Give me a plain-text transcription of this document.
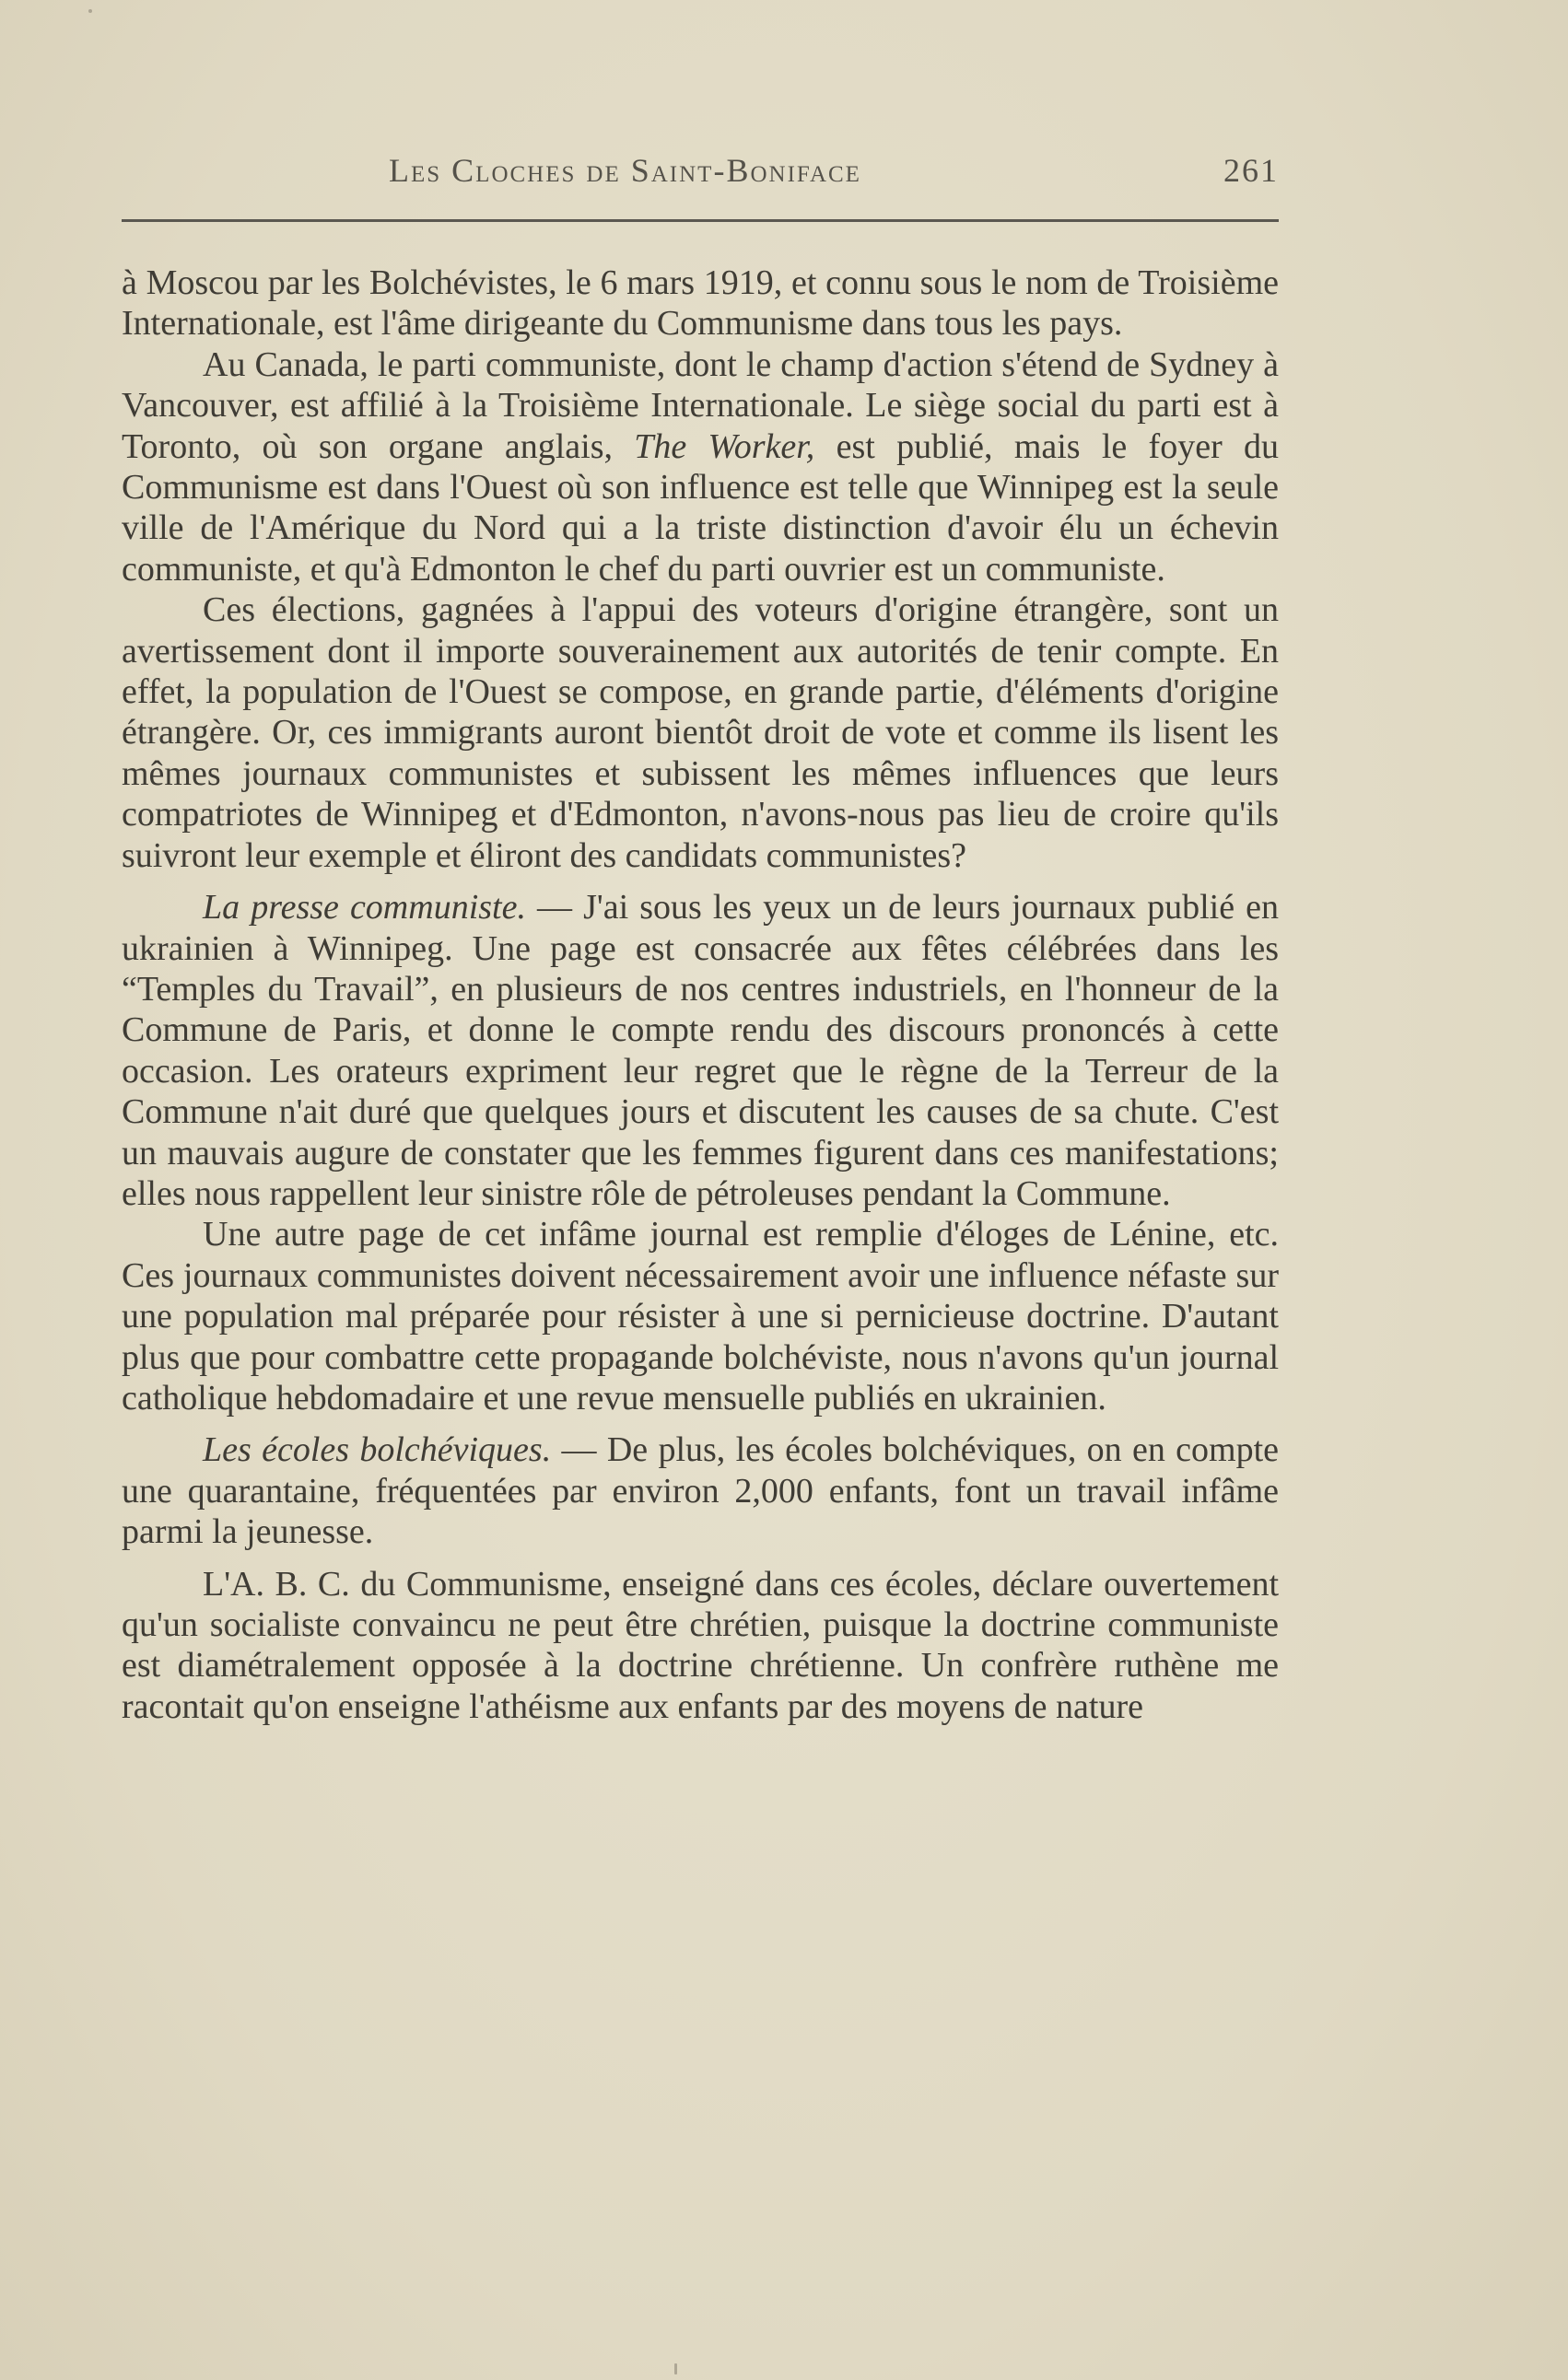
Les Cloches de Saint-Boniface	261

à Moscou par les Bolchévistes, le 6 mars 1919, et connu sous le nom de Troisième Internationale, est l'âme dirigeante du Communisme dans tous les pays.

Au Canada, le parti communiste, dont le champ d'action s'étend de Sydney à Vancouver, est affilié à la Troisième Internationale. Le siège social du parti est à Toronto, où son organe anglais, The Worker, est publié, mais le foyer du Communisme est dans l'Ouest où son influence est telle que Winnipeg est la seule ville de l'Amérique du Nord qui a la triste distinction d'avoir élu un échevin communiste, et qu'à Edmonton le chef du parti ouvrier est un communiste.

Ces élections, gagnées à l'appui des voteurs d'origine étrangère, sont un avertissement dont il importe souverainement aux autorités de tenir compte. En effet, la population de l'Ouest se compose, en grande partie, d'éléments d'origine étrangère. Or, ces immigrants auront bientôt droit de vote et comme ils lisent les mêmes journaux communistes et subissent les mêmes influences que leurs compatriotes de Winnipeg et d'Edmonton, n'avons-nous pas lieu de croire qu'ils suivront leur exemple et éliront des candidats communistes?

La presse communiste. — J'ai sous les yeux un de leurs journaux publié en ukrainien à Winnipeg. Une page est consacrée aux fêtes célébrées dans les “Temples du Travail”, en plusieurs de nos centres industriels, en l'honneur de la Commune de Paris, et donne le compte rendu des discours prononcés à cette occasion. Les orateurs expriment leur regret que le règne de la Terreur de la Commune n'ait duré que quelques jours et discutent les causes de sa chute. C'est un mauvais augure de constater que les femmes figurent dans ces manifestations; elles nous rappellent leur sinistre rôle de pétroleuses pendant la Commune.

Une autre page de cet infâme journal est remplie d'éloges de Lénine, etc. Ces journaux communistes doivent nécessairement avoir une influence néfaste sur une population mal préparée pour résister à une si pernicieuse doctrine. D'autant plus que pour combattre cette propagande bolchéviste, nous n'avons qu'un journal catholique hebdomadaire et une revue mensuelle publiés en ukrainien.

Les écoles bolchéviques. — De plus, les écoles bolchéviques, on en compte une quarantaine, fréquentées par environ 2,000 enfants, font un travail infâme parmi la jeunesse.

L'A. B. C. du Communisme, enseigné dans ces écoles, déclare ouvertement qu'un socialiste convaincu ne peut être chrétien, puisque la doctrine communiste est diamétralement opposée à la doctrine chrétienne. Un confrère ruthène me racontait qu'on enseigne l'athéisme aux enfants par des moyens de nature
